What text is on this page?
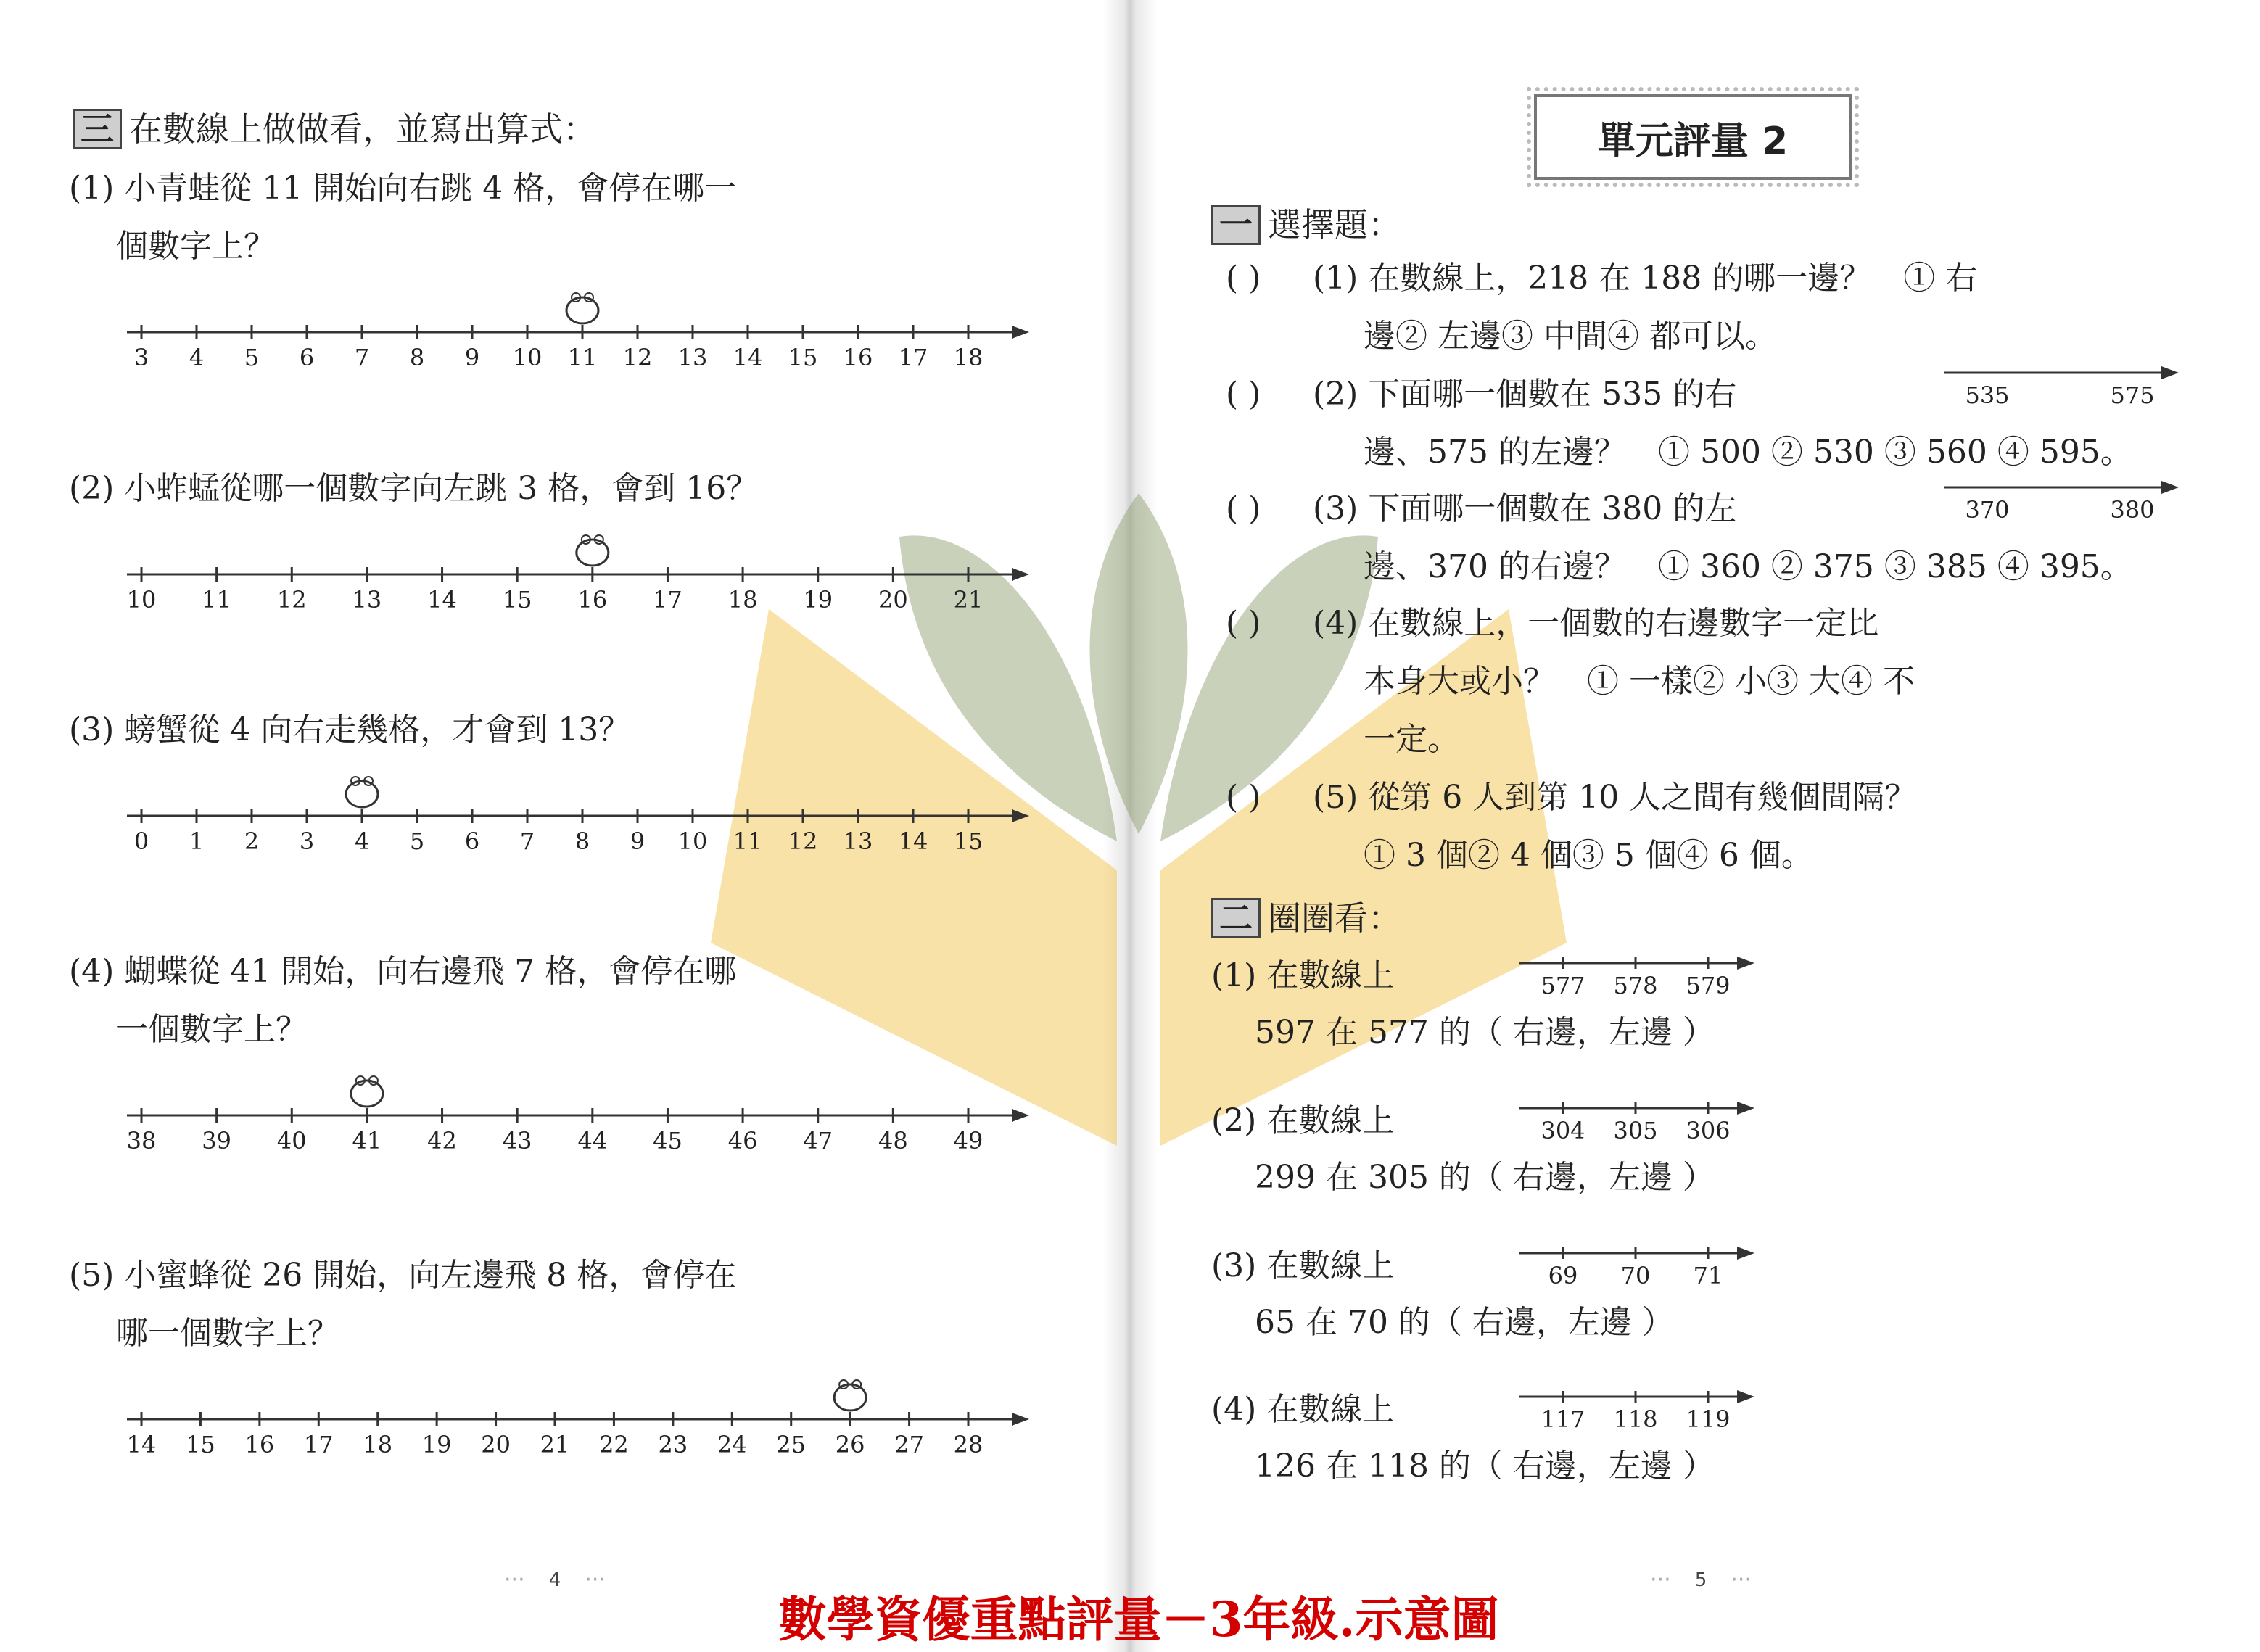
三 在數線上做做看，並寫出算式：
(1) 小青蛙從 11 開始向右跳 4 格，會停在哪一
個數字上？
3 4 5 6 7 8 9 10 11 12 13 14 15 16 17 18
(2) 小蚱蜢從哪一個數字向左跳 3 格，會到 16？
10 11 12 13 14 15 16 17 18 19 20 21
(3) 螃蟹從 4 向右走幾格，才會到 13？
0 1 2 3 4 5 6 7 8 9 10 11 12 13 14 15
(4) 蝴蝶從 41 開始，向右邊飛 7 格，會停在哪
一個數字上？
38 39 40 41 42 43 44 45 46 47 48 49
(5) 小蜜蜂從 26 開始，向左邊飛 8 格，會停在
哪一個數字上？
14 15 16 17 18 19 20 21 22 23 24 25 26 27 28
單元評量 2
一 選擇題：
( ) (1) 在數線上，218 在 188 的哪一邊？　① 右
邊② 左邊③ 中間④ 都可以。
( ) (2) 下面哪一個數在 535 的右
邊、575 的左邊？　① 500 ② 530 ③ 560 ④ 595。
535	575
( ) (3) 下面哪一個數在 380 的左
邊、370 的右邊？　① 360 ② 375 ③ 385 ④ 395。
370	380
( ) (4) 在數線上，一個數的右邊數字一定比
本身大或小？　① 一樣② 小③ 大④ 不
一定。
( ) (5) 從第 6 人到第 10 人之間有幾個間隔？
① 3 個② 4 個③ 5 個④ 6 個。
二 圈圈看：
(1) 在數線上
597 在 577 的（ 右邊，左邊 ）
577 578 579
(2) 在數線上
299 在 305 的（ 右邊，左邊 ）
304 305 306
(3) 在數線上
65 在 70 的（ 右邊，左邊 ）
69 70 71
(4) 在數線上
126 在 118 的（ 右邊，左邊 ）
117 118 119
··· 4 ···
···	5 ···
數學資優重點評量－3年級.示意圖
